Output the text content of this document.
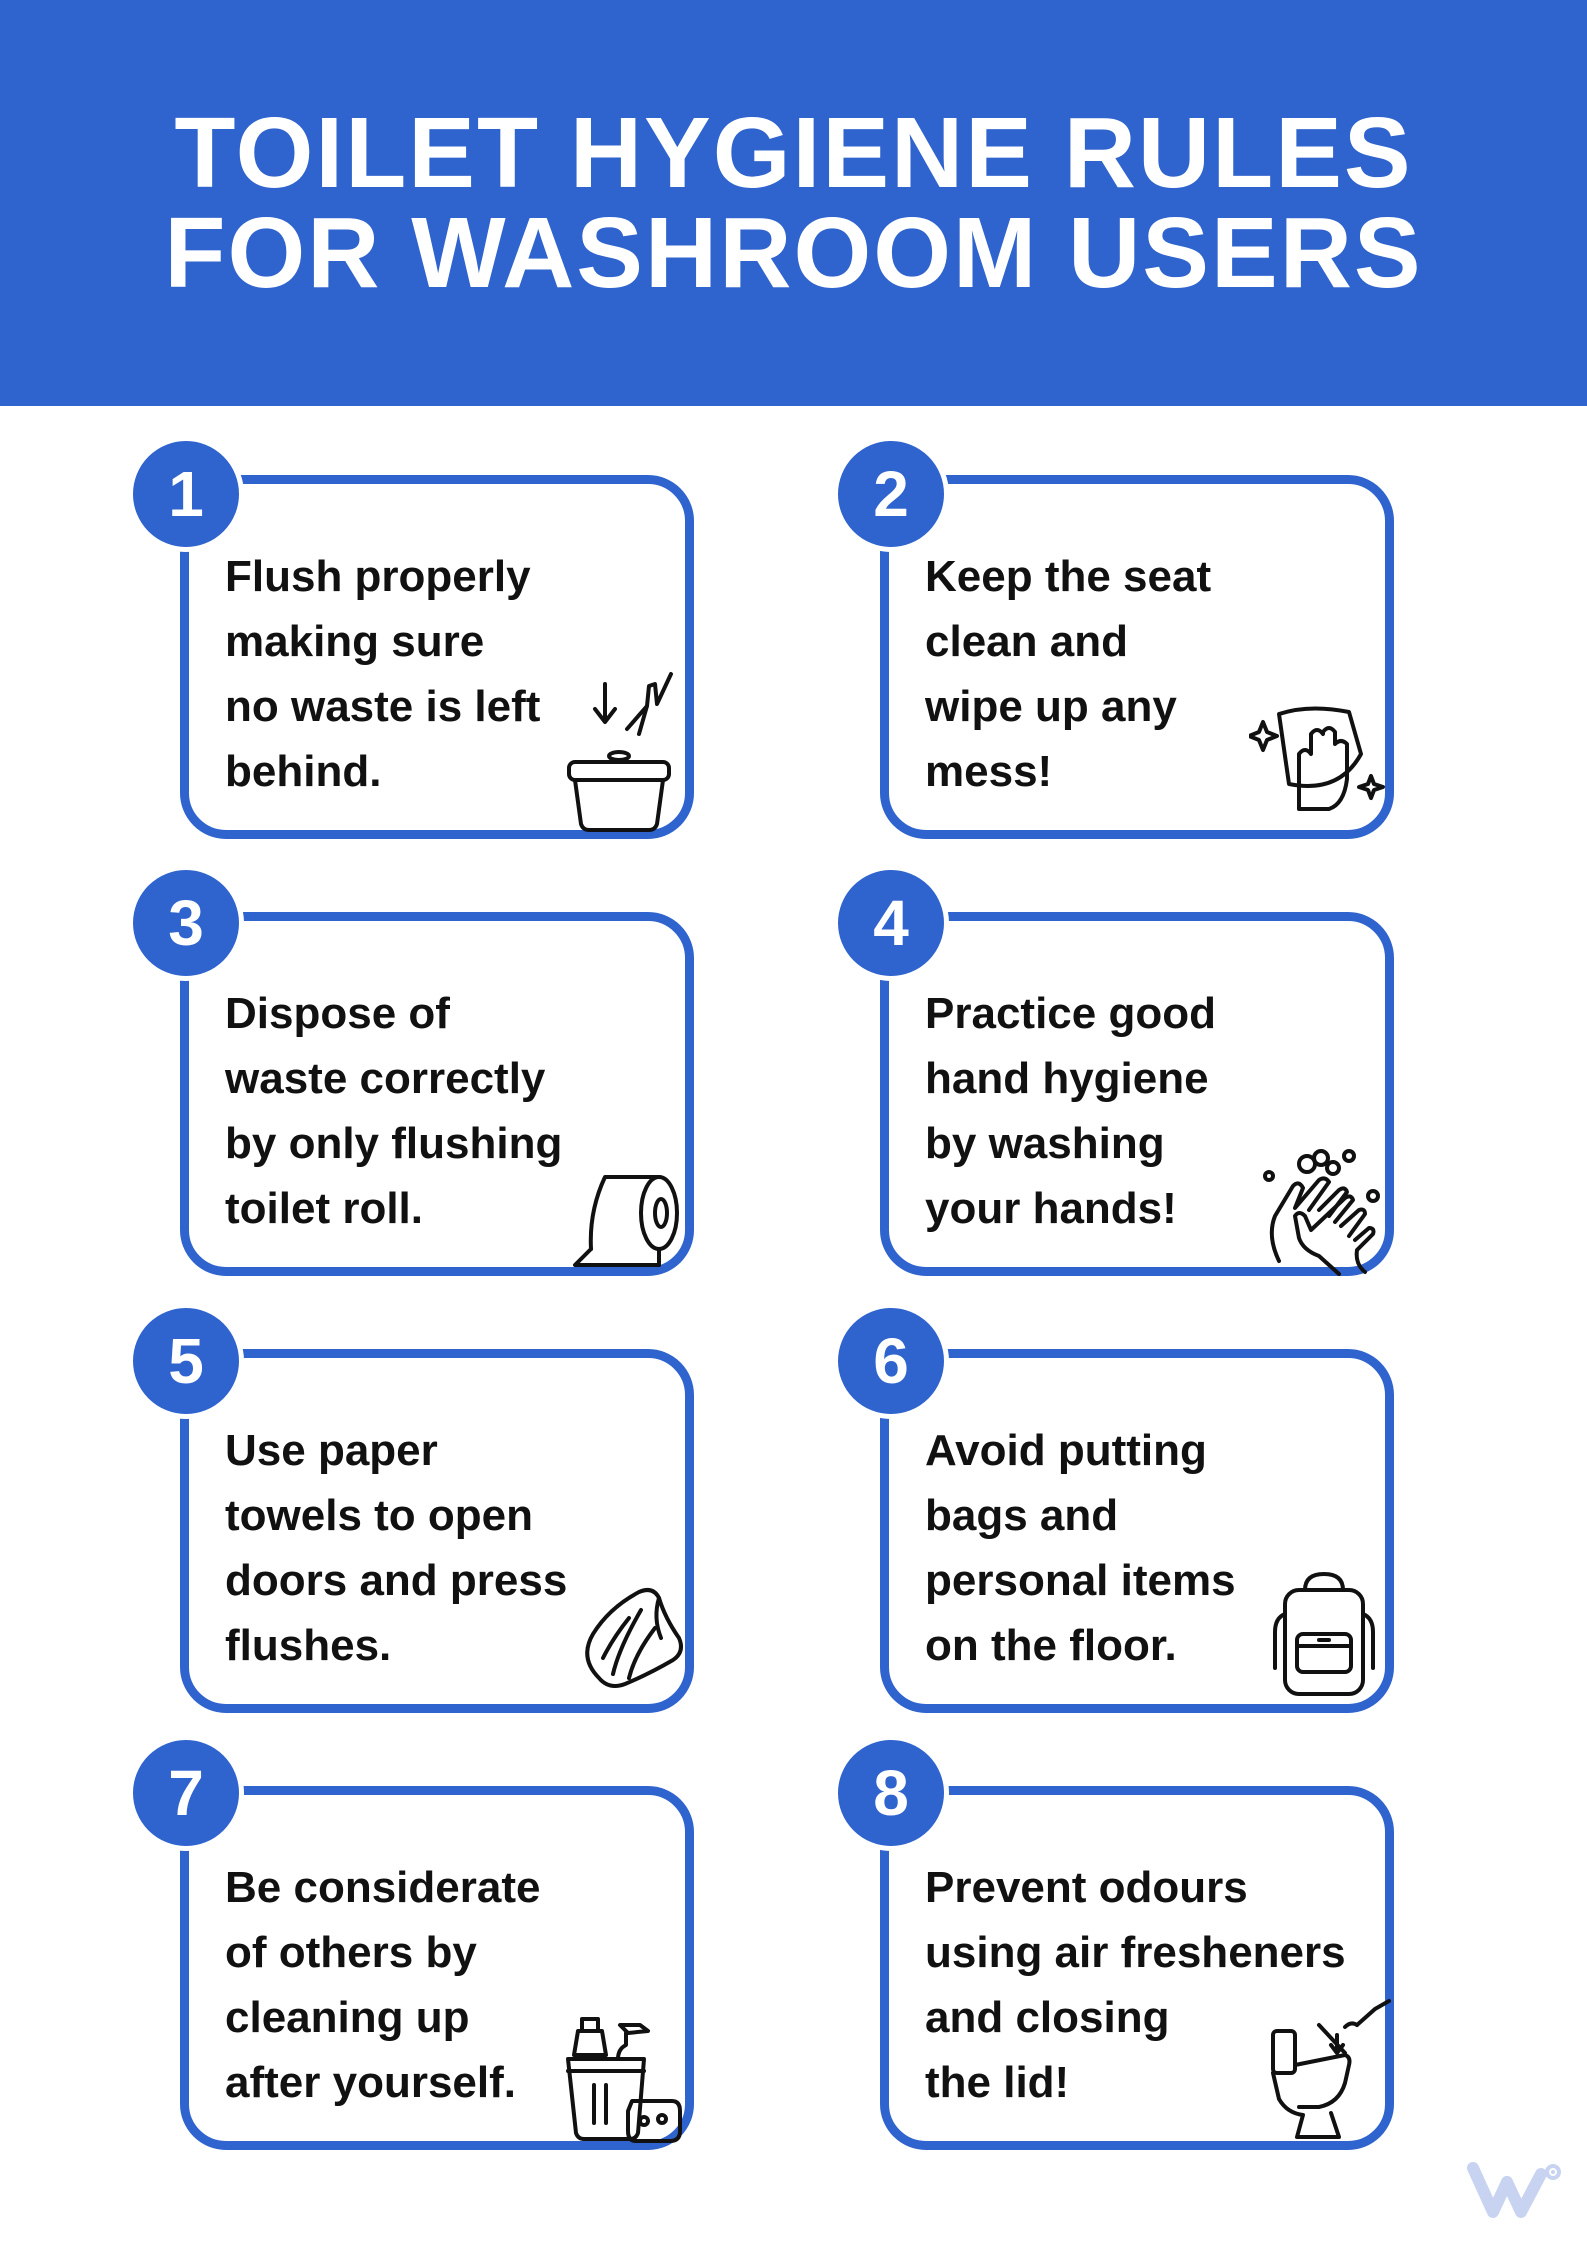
TOILET HYGIENE RULES
FOR WASHROOM USERS
Flush properly
making sure
no waste is left
behind.
1
Keep the seat
clean and
wipe up any
mess!
2
Dispose of
waste correctly
by only flushing
toilet roll.
3
Practice good
hand hygiene
by washing
your hands!
4
Use paper
towels to open
doors and press
flushes.
5
Avoid putting
bags and
personal items
on the floor.
6
Be considerate
of others by
cleaning up
after yourself.
7
Prevent odours
using air fresheners
and closing
the lid!
8
